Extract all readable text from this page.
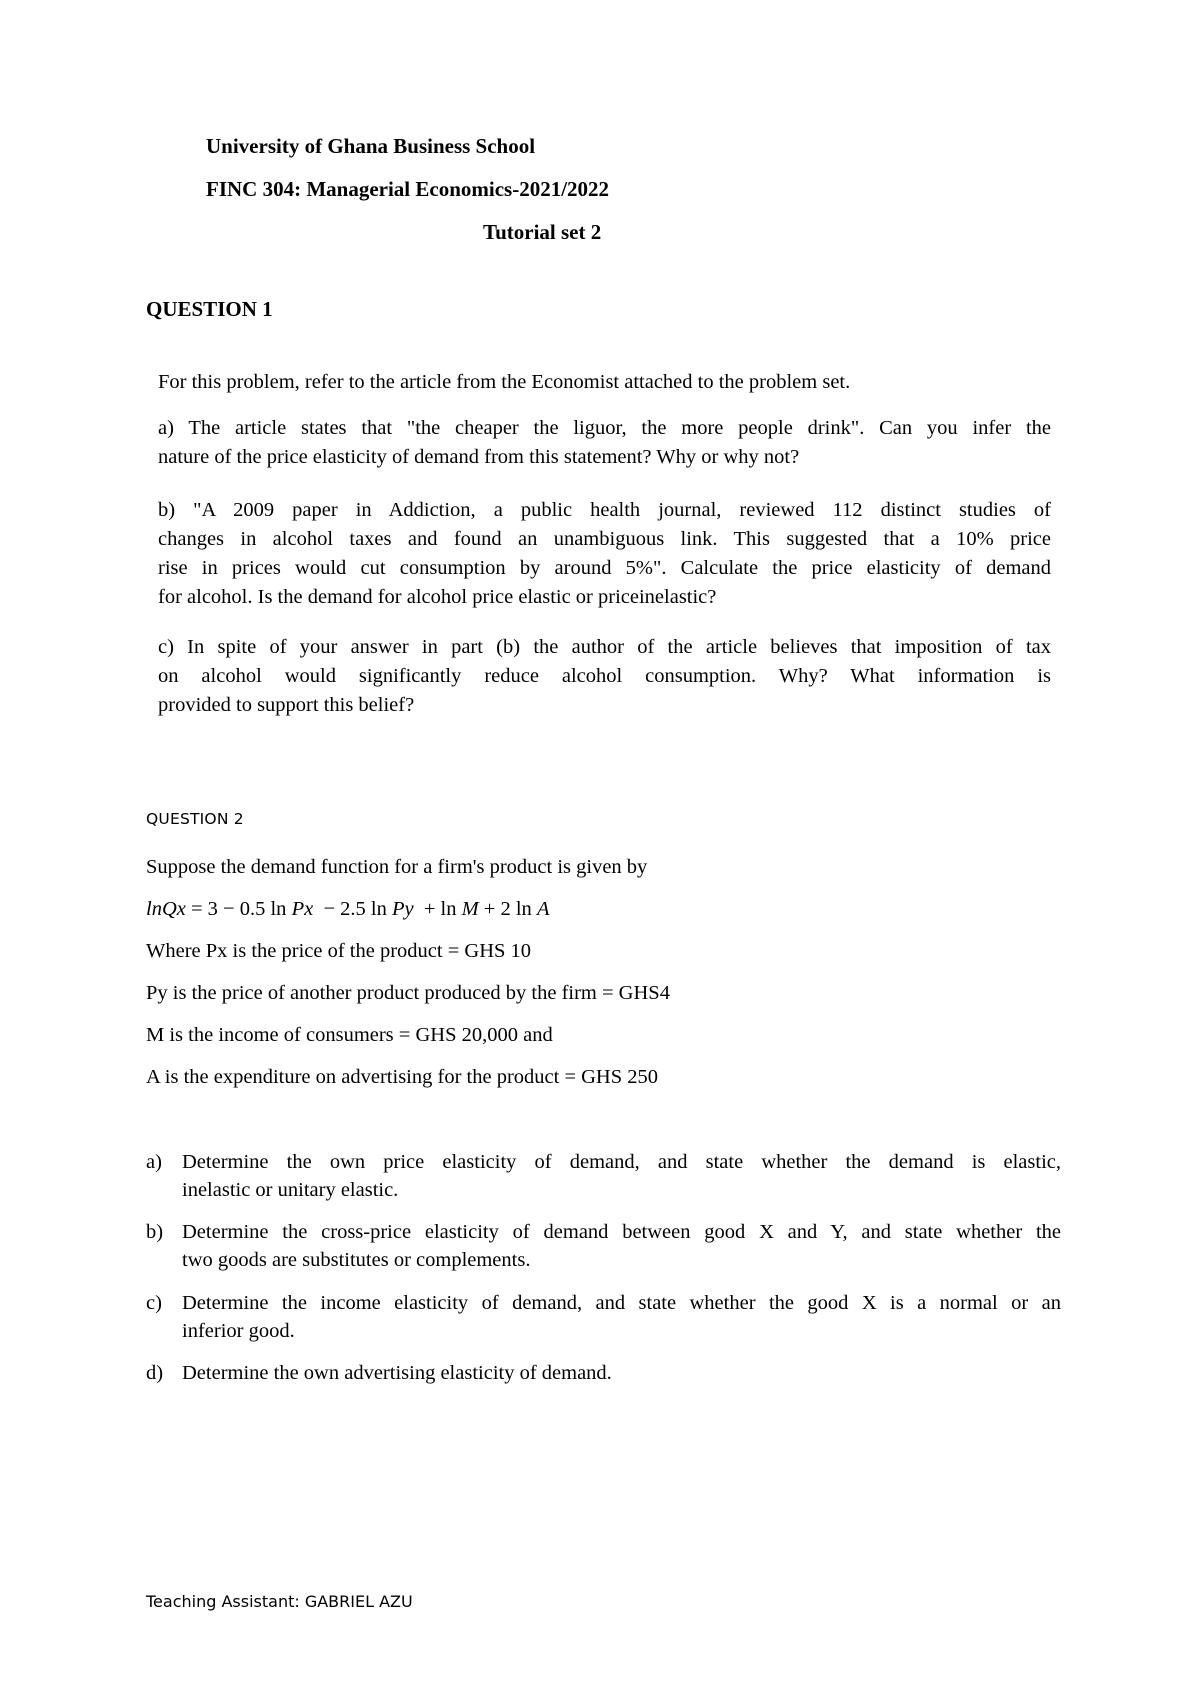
University of Ghana Business School
FINC 304: Managerial Economics-2021/2022
Tutorial set 2
QUESTION 1
For this problem, refer to the article from the Economist attached to the problem set.
a) The article states that "the cheaper the liguor, the more people drink". Can you infer the
nature of the price elasticity of demand from this statement? Why or why not?
b) "A 2009 paper in Addiction, a public health journal, reviewed 112 distinct studies of
changes in alcohol taxes and found an unambiguous link. This suggested that a 10% price
rise in prices would cut consumption by around 5%". Calculate the price elasticity of demand
for alcohol. Is the demand for alcohol price elastic or priceinelastic?
c) In spite of your answer in part (b) the author of the article believes that imposition of tax
on alcohol would significantly reduce alcohol consumption. Why? What information is
provided to support this belief?
QUESTION 2
Suppose the demand function for a firm's product is given by
lnQx = 3 − 0.5 ln Px  − 2.5 ln Py  + ln M + 2 ln A
Where Px is the price of the product = GHS 10
Py is the price of another product produced by the firm = GHS4
M is the income of consumers = GHS 20,000 and
A is the expenditure on advertising for the product = GHS 250
a) Determine the own price elasticity of demand, and state whether the demand is elastic,
inelastic or unitary elastic.
b) Determine the cross-price elasticity of demand between good X and Y, and state whether the
two goods are substitutes or complements.
c) Determine the income elasticity of demand, and state whether the good X is a normal or an
inferior good.
d) Determine the own advertising elasticity of demand.
Teaching Assistant: GABRIEL AZU
